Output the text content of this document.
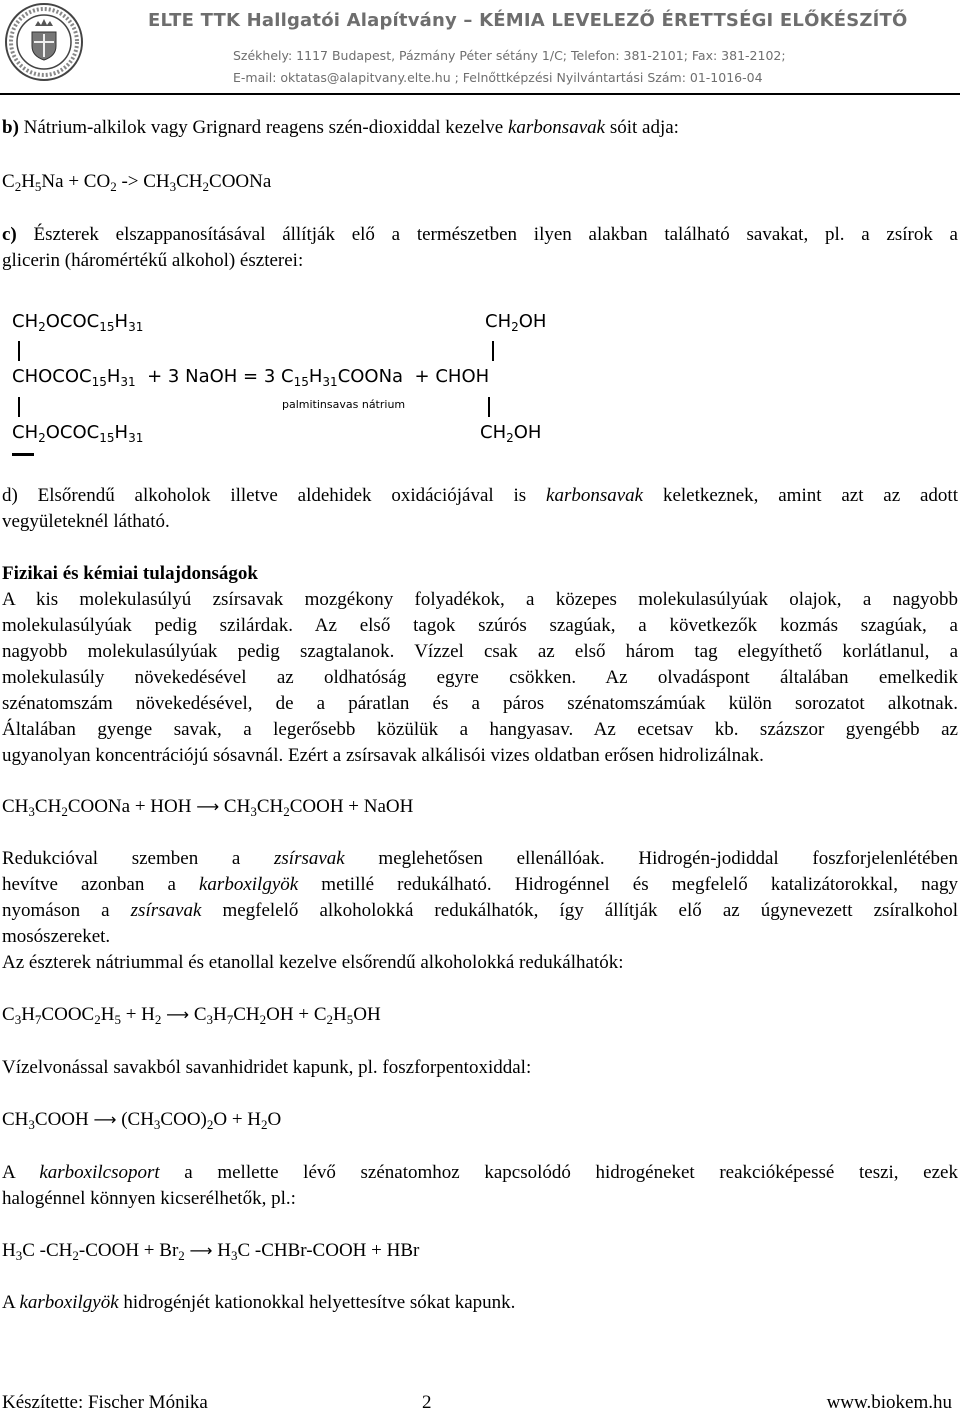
ELTE TTK Hallgatói Alapítvány – KÉMIA LEVELEZŐ ÉRETTSÉGI ELŐKÉSZÍTŐ
Székhely: 1117 Budapest, Pázmány Péter sétány 1/C; Telefon: 381-2101; Fax: 381-2102;
E-mail: oktatas@alapitvany.elte.hu ; Felnőttképzési Nyilvántartási Szám: 01-1016-04
b) Nátrium-alkilok vagy Grignard reagens szén-dioxiddal kezelve karbonsavak sóit adja:
$C_2H_5Na + CO_2$ -> $CH_3CH_2COONa$
c) Észterek elszappanosításával állítják elő a természetben ilyen alakban található savakat, pl. a zsírok a
glicerin (háromértékű alkohol) észterei:
$CH_2OCOC_{15}H_{31}$	$CH_2OH$
$CHOCOC_{15}H_{31} + 3$ NaOH = 3 $C_{15}H_{31}COONa$  + CHOH
palmitinsavas nátrium
$CH_2OCOC_{15}H_{31}$	$CH_2OH$
d) Elsőrendű alkoholok illetve aldehidek oxidációjával is karbonsavak keletkeznek, amint azt az adott
vegyületeknél látható.
Fizikai és kémiai tulajdonságok
A kis molekulasúlyú zsírsavak mozgékony folyadékok, a közepes molekulasúlyúak olajok, a nagyobb
molekulasúlyúak pedig szilárdak. Az első tagok szúrós szagúak, a következők kozmás szagúak, a
nagyobb molekulasúlyúak pedig szagtalanok. Vízzel csak az első három tag elegyíthető korlátlanul, a
molekulasúly növekedésével az oldhatóság egyre csökken. Az olvadáspont általában emelkedik
szénatomszám növekedésével, de a páratlan és a páros szénatomszámúak külön sorozatot alkotnak.
Általában gyenge savak, a legerősebb közülük a hangyasav. Az ecetsav kb. százszor gyengébb az
ugyanolyan koncentrációjú sósavnál. Ezért a zsírsavak alkálisói vizes oldatban erősen hidrolizálnak.
$CH_3CH_2COONa$ + HOH ⟶ $CH_3CH_2COOH$ + NaOH
Redukcióval szemben a zsírsavak meglehetősen ellenállóak. Hidrogén-jodiddal foszforjelenlétében
hevítve azonban a karboxilgyök metillé redukálható. Hidrogénnel és megfelelő katalizátorokkal, nagy
nyomáson a zsírsavak megfelelő alkoholokká redukálhatók, így állítják elő az úgynevezett zsíralkohol
mosószereket.
Az észterek nátriummal és etanollal kezelve elsőrendű alkoholokká redukálhatók:
$C_3H_7COOC_2H_5 + H_2$ ⟶ $C_3H_7CH_2OH + C_2H_5OH$
Vízelvonással savakból savanhidridet kapunk, pl. foszforpentoxiddal:
$CH_3COOH$ ⟶ $(CH_3COO)_2O + H_2O$
A karboxilcsoport a mellette lévő szénatomhoz kapcsolódó hidrogéneket reakcióképessé teszi, ezek
halogénnel könnyen kicserélhetők, pl.:
$H_3C$ $-CH_2$-COOH + $Br_2$ ⟶ $H_3C$ -CHBr-COOH + HBr
A karboxilgyök hidrogénjét kationokkal helyettesítve sókat kapunk.
Készítette: Fischer Mónika	2	www.biokem.hu
